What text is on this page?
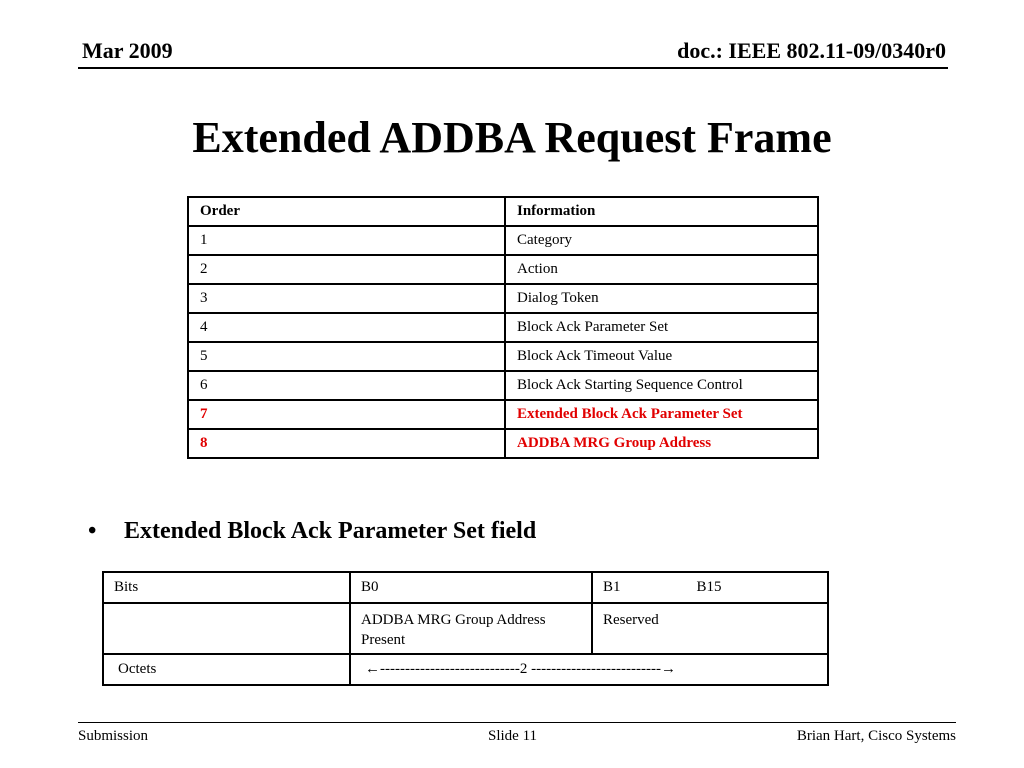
Mar 2009	doc.: IEEE 802.11-09/0340r0
Extended ADDBA Request Frame
Order	Information
1	Category
2	Action
3	Dialog Token
4	Block Ack Parameter Set
5	Block Ack Timeout Value
6	Block Ack Starting Sequence Control
7	Extended Block Ack Parameter Set
8	ADDBA MRG Group Address
• Extended Block Ack Parameter Set field
Bits	B0	B1 B15
	ADDBA MRG Group Address Present	Reserved
Octets	←----------------------------2 --------------------------→	
Submission	Slide 11	Brian Hart, Cisco Systems
